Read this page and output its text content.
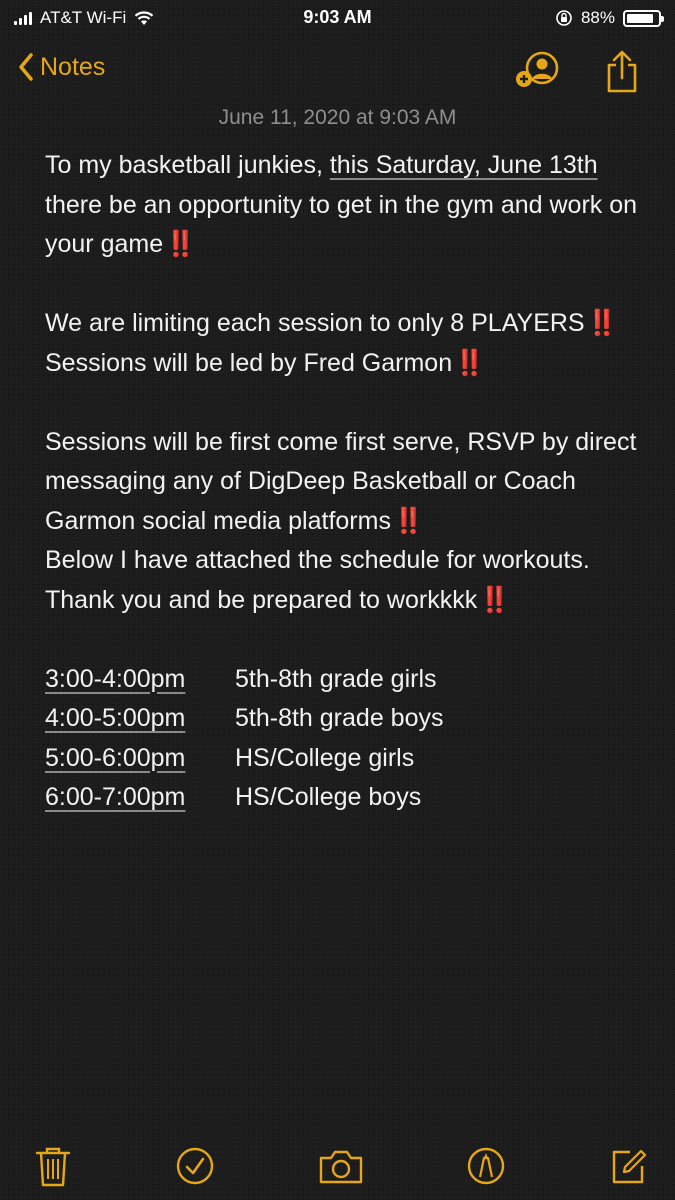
AT&T Wi-Fi	9:03 AM	88%
Notes
June 11, 2020 at 9:03 AM

To my basketball junkies, this Saturday, June 13th there be an opportunity to get in the gym and work on your game‼️

We are limiting each session to only 8 PLAYERS‼️ Sessions will be led by Fred Garmon‼️

Sessions will be first come first serve, RSVP by direct messaging any of DigDeep Basketball or Coach Garmon social media platforms‼️

Below I have attached the schedule for workouts. Thank you and be prepared to workkkk‼️

3:00-4:00pm	5th-8th grade girls
4:00-5:00pm	5th-8th grade boys
5:00-6:00pm	HS/College girls
6:00-7:00pm	HS/College boys
